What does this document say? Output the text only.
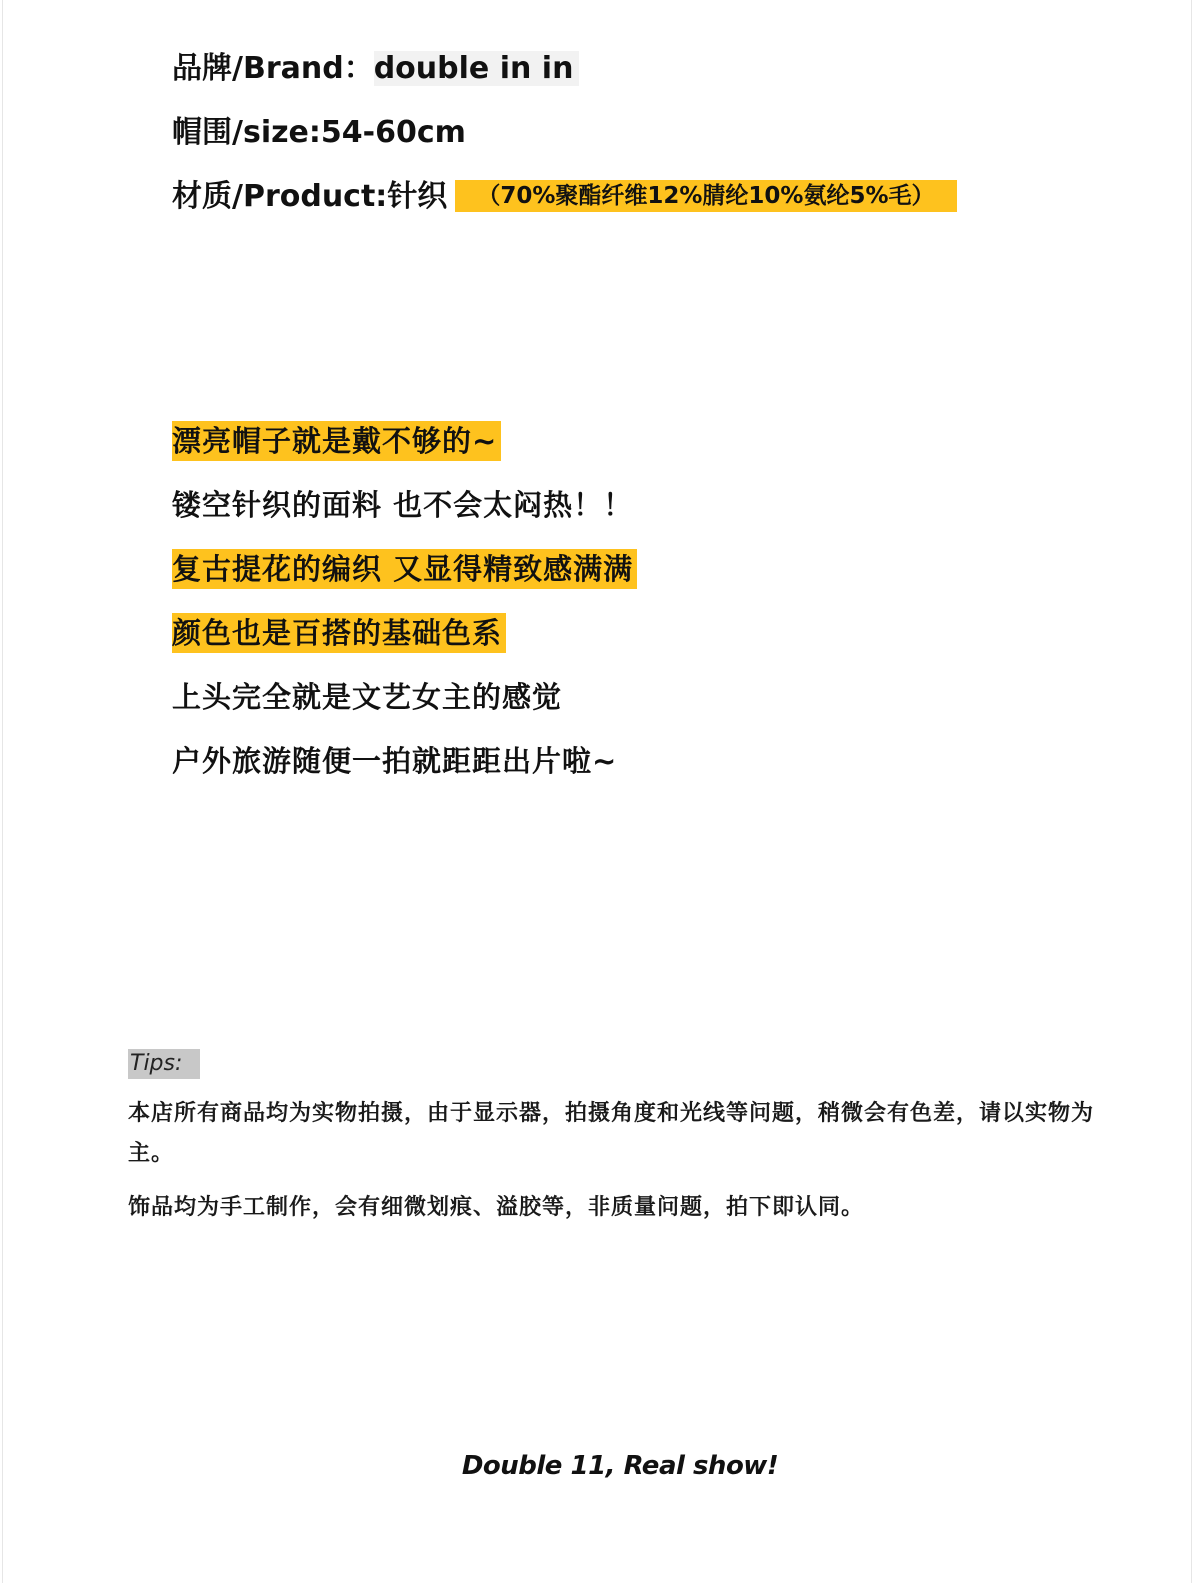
品牌/Brand：double in in
帽围/size:54-60cm
材质/Product:针织 （70%聚酯纤维12%腈纶10%氨纶5%毛）
漂亮帽子就是戴不够的~
镂空针织的面料 也不会太闷热！！
复古提花的编织 又显得精致感满满
颜色也是百搭的基础色系
上头完全就是文艺女主的感觉
户外旅游随便一拍就距距出片啦~
Tips:
本店所有商品均为实物拍摄，由于显示器，拍摄角度和光线等问题，稍微会有色差，请以实物为主。
饰品均为手工制作，会有细微划痕、溢胶等，非质量问题，拍下即认同。
Double 11, Real show!
